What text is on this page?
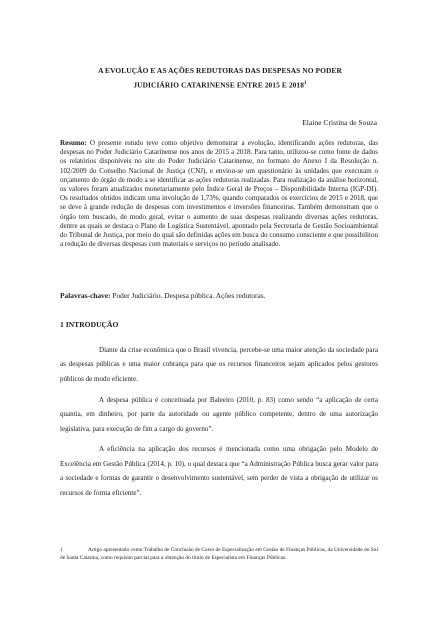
A EVOLUÇÃO E AS AÇÕES REDUTORAS DAS DESPESAS NO PODER
JUDICIÁRIO CATARINENSE ENTRE 2015 E 2018$^1$
Elaine Cristina de Souza
Resumo: O presente estudo teve como objetivo demonstrar a evolução, identificando ações redutoras, das despesas no Poder Judiciário Catarinense nos anos de 2015 a 2018. Para tanto, utilizou-se como fonte de dados os relatórios disponíveis no site do Poder Judiciário Catarinense, no formato do Anexo I da Resolução n. 102/2009 do Conselho Nacional de Justiça (CNJ), e enviou-se um questionário às unidades que executam o orçamento do órgão de modo a se identificar as ações redutoras realizadas. Para realização da análise horizontal, os valores foram atualizados monetariamente pelo Índice Geral de Preços – Disponibilidade Interna (IGP-DI). Os resultados obtidos indicam uma involução de 1,73%, quando comparados os exercícios de 2015 e 2018, que se deve à grande redução de despesas com investimentos e inversões financeiras. Também demonstram que o órgão tem buscado, de modo geral, evitar o aumento de suas despesas realizando diversas ações redutoras, dentre as quais se destaca o Plano de Logística Sustentável, apontado pela Secretaria de Gestão Socioambiental do Tribunal de Justiça, por meio do qual são definidas ações em busca do consumo consciente e que possibilitou a redução de diversas despesas com materiais e serviços no período analisado.
Palavras-chave: Poder Judiciário. Despesa pública. Ações redutoras.
1 INTRODUÇÃO

Diante da crise econômica que o Brasil vivencia, percebe-se uma maior atenção da sociedade para as despesas públicas e uma maior cobrança para que os recursos financeiros sejam aplicados pelos gestores públicos de modo eficiente.

A despesa pública é conceituada por Baleeiro (2010, p. 83) como sendo “a aplicação de certa quantia, em dinheiro, por parte da autoridade ou agente público competente, dentro de uma autorização legislativa, para execução de fim a cargo do governo”.

A eficiência na aplicação dos recursos é mencionada como uma obrigação pelo Modelo de Excelência em Gestão Pública (2014, p. 10), o qual destaca que “a Administração Pública busca gerar valor para a sociedade e formas de garantir o desenvolvimento sustentável, sem perder de vista a obrigação de utilizar os recursos de forma eficiente”.

1	Artigo apresentado como Trabalho de Conclusão de Curso de Especialização em Gestão de Finanças Públicas, da Universidade do Sul de Santa Catarina, como requisito parcial para a obtenção do título de Especialista em Finanças Públicas.
